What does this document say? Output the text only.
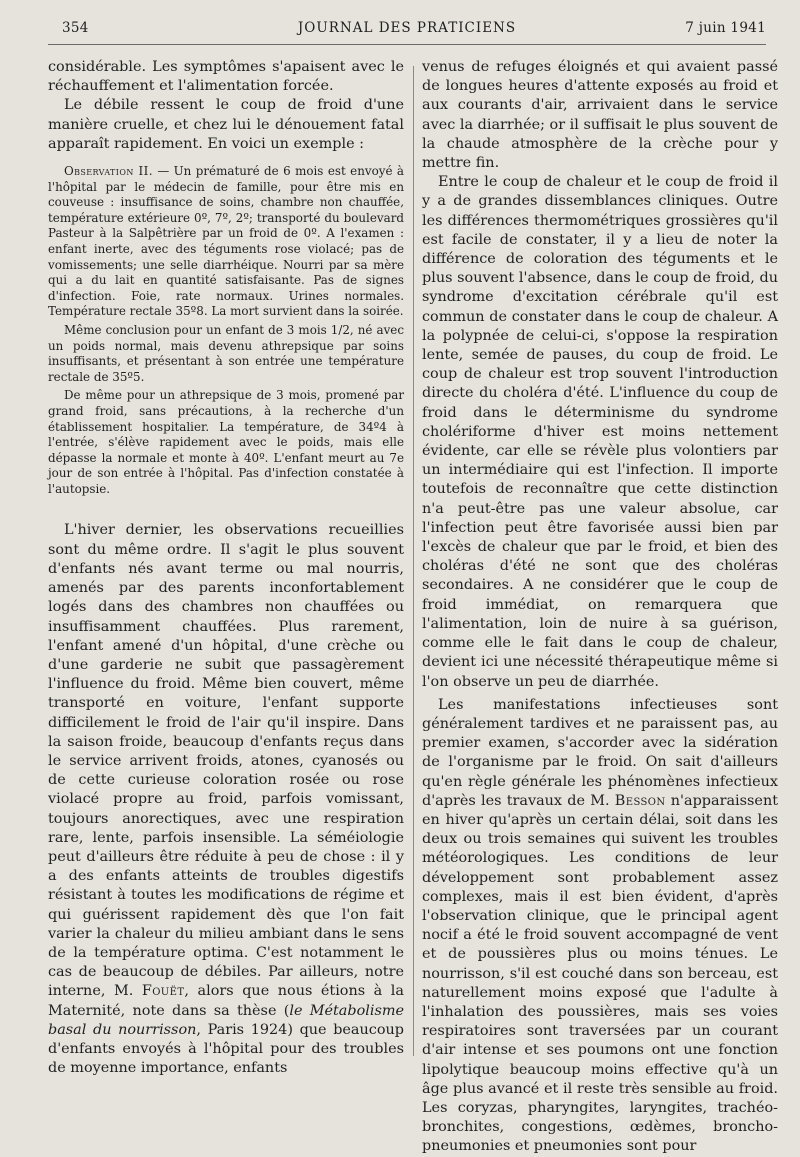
354	JOURNAL DES PRATICIENS	7 juin 1941

considérable. Les symptômes s'apaisent avec le réchauffement et l'alimentation forcée.

Le débile ressent le coup de froid d'une manière cruelle, et chez lui le dénouement fatal apparaît rapidement. En voici un exemple :

Observation II. — Un prématuré de 6 mois est envoyé à l'hôpital par le médecin de famille, pour être mis en couveuse : insuffisance de soins, chambre non chauffée, température extérieure 0º, 7º, 2º; transporté du boulevard Pasteur à la Salpêtrière par un froid de 0º. A l'examen : enfant inerte, avec des téguments rose violacé; pas de vomissements; une selle diarrhéique. Nourri par sa mère qui a du lait en quantité satisfaisante. Pas de signes d'infection. Foie, rate normaux. Urines normales. Température rectale 35º8. La mort survient dans la soirée.

Même conclusion pour un enfant de 3 mois 1/2, né avec un poids normal, mais devenu athrepsique par soins insuffisants, et présentant à son entrée une température rectale de 35º5.

De même pour un athrepsique de 3 mois, promené par grand froid, sans précautions, à la recherche d'un établissement hospitalier. La température, de 34º4 à l'entrée, s'élève rapidement avec le poids, mais elle dépasse la normale et monte à 40º. L'enfant meurt au 7e jour de son entrée à l'hôpital. Pas d'infection constatée à l'autopsie.

L'hiver dernier, les observations recueillies sont du même ordre. Il s'agit le plus souvent d'enfants nés avant terme ou mal nourris, amenés par des parents inconfortablement logés dans des chambres non chauffées ou insuffisamment chauffées. Plus rarement, l'enfant amené d'un hôpital, d'une crèche ou d'une garderie ne subit que passagèrement l'influence du froid. Même bien couvert, même transporté en voiture, l'enfant supporte difficilement le froid de l'air qu'il inspire. Dans la saison froide, beaucoup d'enfants reçus dans le service arrivent froids, atones, cyanosés ou de cette curieuse coloration rosée ou rose violacé propre au froid, parfois vomissant, toujours anorectiques, avec une respiration rare, lente, parfois insensible. La séméiologie peut d'ailleurs être réduite à peu de chose : il y a des enfants atteints de troubles digestifs résistant à toutes les modifications de régime et qui guérissent rapidement dès que l'on fait varier la chaleur du milieu ambiant dans le sens de la température optima. C'est notamment le cas de beaucoup de débiles. Par ailleurs, notre interne, M. Fouët, alors que nous étions à la Maternité, note dans sa thèse (le Métabolisme basal du nourrisson, Paris 1924) que beaucoup d'enfants envoyés à l'hôpital pour des troubles de moyenne importance, enfants

venus de refuges éloignés et qui avaient passé de longues heures d'attente exposés au froid et aux courants d'air, arrivaient dans le service avec la diarrhée; or il suffisait le plus souvent de la chaude atmosphère de la crèche pour y mettre fin.

Entre le coup de chaleur et le coup de froid il y a de grandes dissemblances cliniques. Outre les différences thermométriques grossières qu'il est facile de constater, il y a lieu de noter la différence de coloration des téguments et le plus souvent l'absence, dans le coup de froid, du syndrome d'excitation cérébrale qu'il est commun de constater dans le coup de chaleur. A la polypnée de celui-ci, s'oppose la respiration lente, semée de pauses, du coup de froid. Le coup de chaleur est trop souvent l'introduction directe du choléra d'été. L'influence du coup de froid dans le déterminisme du syndrome cholériforme d'hiver est moins nettement évidente, car elle se révèle plus volontiers par un intermédiaire qui est l'infection. Il importe toutefois de reconnaître que cette distinction n'a peut-être pas une valeur absolue, car l'infection peut être favorisée aussi bien par l'excès de chaleur que par le froid, et bien des choléras d'été ne sont que des choléras secondaires. A ne considérer que le coup de froid immédiat, on remarquera que l'alimentation, loin de nuire à sa guérison, comme elle le fait dans le coup de chaleur, devient ici une nécessité thérapeutique même si l'on observe un peu de diarrhée.

Les manifestations infectieuses sont généralement tardives et ne paraissent pas, au premier examen, s'accorder avec la sidération de l'organisme par le froid. On sait d'ailleurs qu'en règle générale les phénomènes infectieux d'après les travaux de M. Besson n'apparaissent en hiver qu'après un certain délai, soit dans les deux ou trois semaines qui suivent les troubles météorologiques. Les conditions de leur développement sont probablement assez complexes, mais il est bien évident, d'après l'observation clinique, que le principal agent nocif a été le froid souvent accompagné de vent et de poussières plus ou moins ténues. Le nourrisson, s'il est couché dans son berceau, est naturellement moins exposé que l'adulte à l'inhalation des poussières, mais ses voies respiratoires sont traversées par un courant d'air intense et ses poumons ont une fonction lipolytique beaucoup moins effective qu'à un âge plus avancé et il reste très sensible au froid. Les coryzas, pharyngites, laryngites, trachéo-bronchites, congestions, œdèmes, broncho-pneumonies et pneumonies sont pour
